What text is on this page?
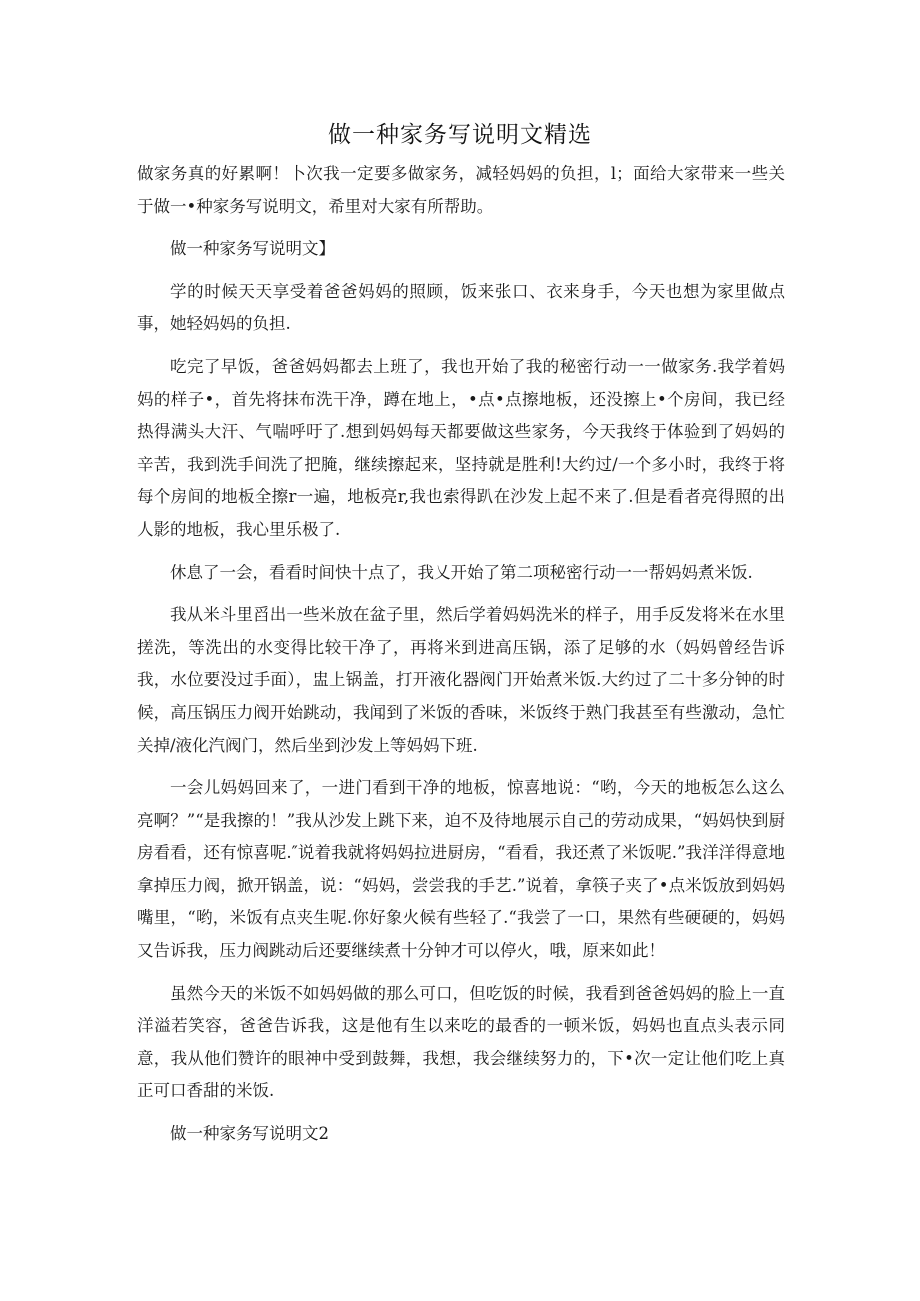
做一种家务写说明文精选

做家务真的好累啊！卜次我一定要多做家务，减轻妈妈的负担，l；面给大家带来一些关于做一•种家务写说明文，希里对大家有所帮助。

做一种家务写说明文】

学的时候天天享受着爸爸妈妈的照顾，饭来张口、衣来身手，今天也想为家里做点事，她轻妈妈的负担.

吃完了早饭，爸爸妈妈都去上班了，我也开始了我的秘密行动一一做家务.我学着妈妈的样子•，首先将抹布洗干净，蹲在地上，•点•点擦地板，还没擦上•个房间，我已经热得满头大汗、气喘呼吁了.想到妈妈每天都要做这些家务，今天我终于体验到了妈妈的辛苦，我到洗手间洗了把腌，继续擦起来，坚持就是胜利!大约过/一个多小时，我终于将每个房间的地板全擦r一遍，地板亮r,我也索得趴在沙发上起不来了.但是看者亮得照的出人影的地板，我心里乐极了.

休息了一会，看看时间快十点了，我乂开始了第二项秘密行动一一帮妈妈煮米饭.

我从米斗里舀出一些米放在盆子里，然后学着妈妈洗米的样子，用手反发将米在水里搓洗，等洗出的水变得比较干净了，再将米到进高压锅，添了足够的水（妈妈曾经告诉我，水位要没过手面），盅上锅盖，打开液化器阀门开始煮米饭.大约过了二十多分钟的时候，高压锅压力阀开始跳动，我闻到了米饭的香味，米饭终于熟门我甚至有些激动，急忙关掉/液化汽阀门，然后坐到沙发上等妈妈下班.

一会儿妈妈回来了，一进门看到干净的地板，惊喜地说：“哟，今天的地板怎么这么亮啊？”“是我擦的！”我从沙发上跳下来，迫不及待地展示自己的劳动成果，“妈妈快到厨房看看，还有惊喜呢.″说着我就将妈妈拉进厨房，“看看，我还煮了米饭呢.”我洋洋得意地拿掉压力阀，掀开锅盖，说：“妈妈，尝尝我的手艺.”说着，拿筷子夹了•点米饭放到妈妈嘴里，“哟，米饭有点夹生呢.你好象火候有些轻了.“我尝了一口，果然有些硬硬的，妈妈又告诉我，压力阀跳动后还要继续煮十分钟才可以停火，哦，原来如此！

虽然今天的米饭不如妈妈做的那么可口，但吃饭的时候，我看到爸爸妈妈的脸上一直洋溢若笑容，爸爸告诉我，这是他有生以来吃的最香的一顿米饭，妈妈也直点头表示同意，我从他们赞许的眼神中受到鼓舞，我想，我会继续努力的，下•次一定让他们吃上真正可口香甜的米饭.

做一种家务写说明文2
